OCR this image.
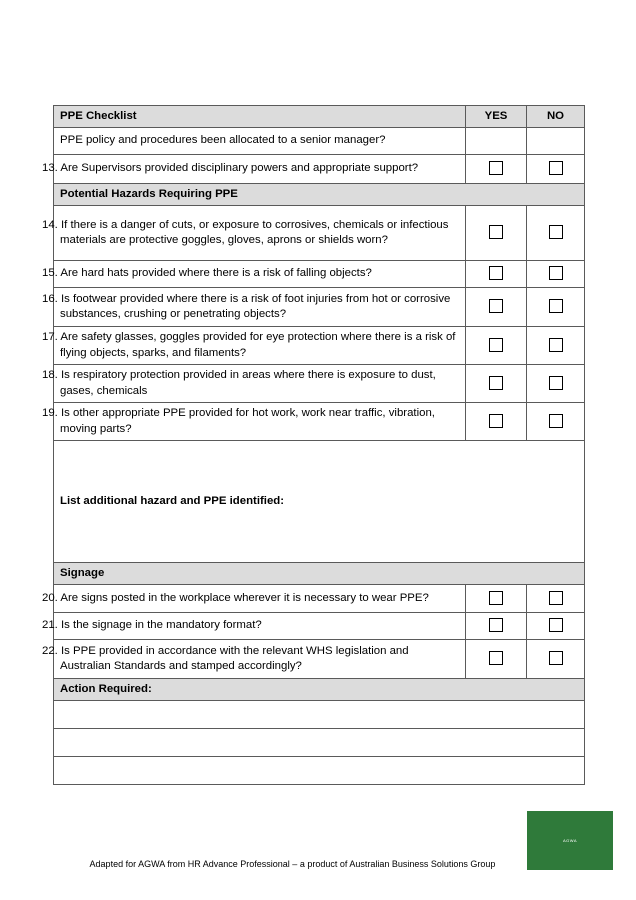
PPE Checklist	YES	NO
PPE policy and procedures been allocated to a senior manager?		
13. Are Supervisors provided disciplinary powers and appropriate support?		
Potential Hazards Requiring PPE		
14. If there is a danger of cuts, or exposure to corrosives, chemicals or infectious materials are protective goggles, gloves, aprons or shields worn?		
15. Are hard hats provided where there is a risk of falling objects?		
16. Is footwear provided where there is a risk of foot injuries from hot or corrosive substances, crushing or penetrating objects?		
17. Are safety glasses, goggles provided for eye protection where there is a risk of flying objects, sparks, and filaments?		
18. Is respiratory protection provided in areas where there is exposure to dust, gases, chemicals		
19. Is other appropriate PPE provided for hot work, work near traffic, vibration, moving parts?		
List additional hazard and PPE identified:		
Signage		
20. Are signs posted in the workplace wherever it is necessary to wear PPE?		
21. Is the signage in the mandatory format?		
22. Is PPE provided in accordance with the relevant WHS legislation and Australian Standards and stamped accordingly?		
Action Required:		

AGWA
Adapted for AGWA from HR Advance Professional – a product of Australian Business Solutions Group
